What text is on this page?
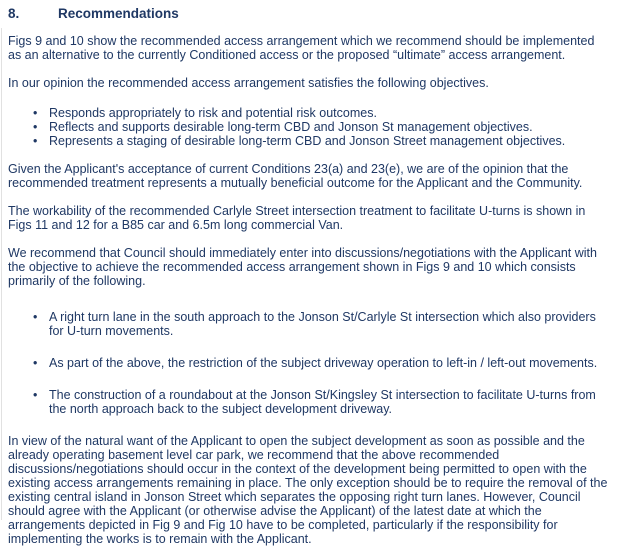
8.	Recommendations

Figs 9 and 10 show the recommended access arrangement which we recommend should be implemented as an alternative to the currently Conditioned access or the proposed “ultimate” access arrangement.

In our opinion the recommended access arrangement satisfies the following objectives.

• Responds appropriately to risk and potential risk outcomes.
• Reflects and supports desirable long-term CBD and Jonson St management objectives.
• Represents a staging of desirable long-term CBD and Jonson Street management objectives.

Given the Applicant's acceptance of current Conditions 23(a) and 23(e), we are of the opinion that the recommended treatment represents a mutually beneficial outcome for the Applicant and the Community.

The workability of the recommended Carlyle Street intersection treatment to facilitate U-turns is shown in Figs 11 and 12 for a B85 car and 6.5m long commercial Van.

We recommend that Council should immediately enter into discussions/negotiations with the Applicant with the objective to achieve the recommended access arrangement shown in Figs 9 and 10 which consists primarily of the following.

• A right turn lane in the south approach to the Jonson St/Carlyle St intersection which also providers for U-turn movements.
• As part of the above, the restriction of the subject driveway operation to left-in / left-out movements.
• The construction of a roundabout at the Jonson St/Kingsley St intersection to facilitate U-turns from the north approach back to the subject development driveway.

In view of the natural want of the Applicant to open the subject development as soon as possible and the already operating basement level car park, we recommend that the above recommended discussions/negotiations should occur in the context of the development being permitted to open with the existing access arrangements remaining in place. The only exception should be to require the removal of the existing central island in Jonson Street which separates the opposing right turn lanes. However, Council should agree with the Applicant (or otherwise advise the Applicant) of the latest date at which the arrangements depicted in Fig 9 and Fig 10 have to be completed, particularly if the responsibility for implementing the works is to remain with the Applicant.
